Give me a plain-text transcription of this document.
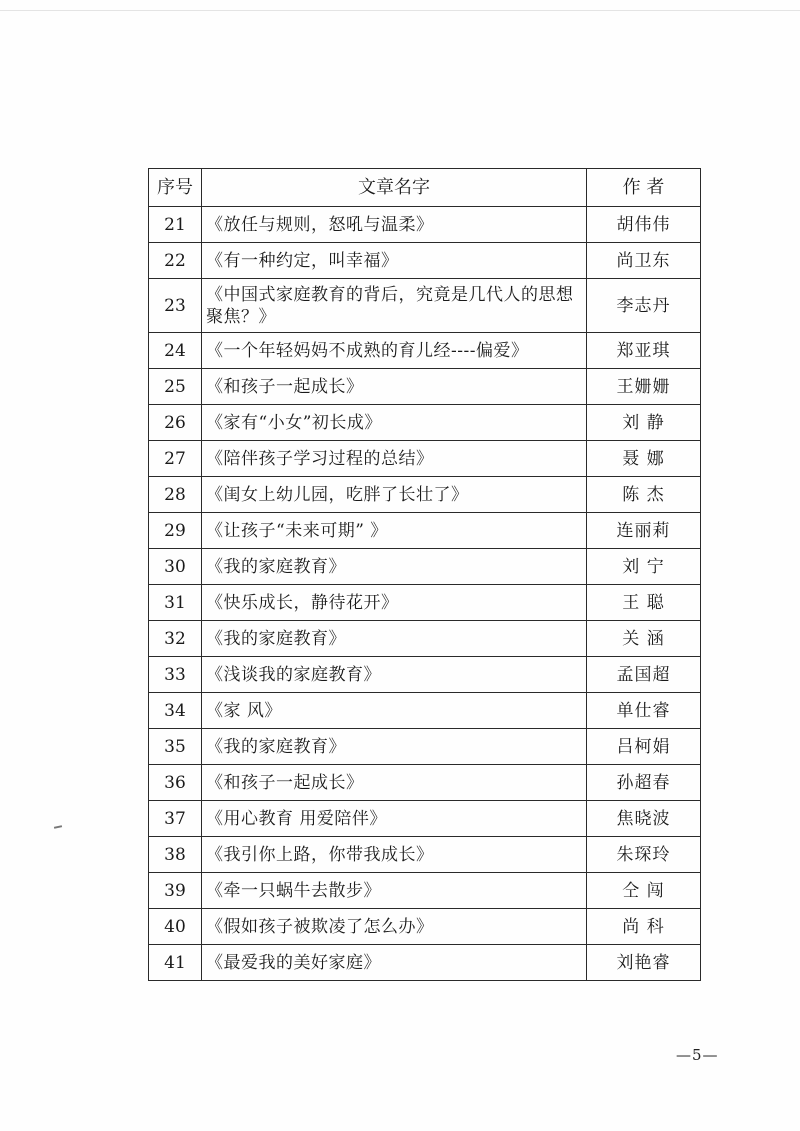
序号	文章名字	作 者
21	《放任与规则，怒吼与温柔》	胡伟伟
22	《有一种约定，叫幸福》	尚卫东
23	《中国式家庭教育的背后，究竟是几代人的思想聚焦？》	李志丹
24	《一个年轻妈妈不成熟的育儿经----偏爱》	郑亚琪
25	《和孩子一起成长》	王姗姗
26	《家有“小女”初长成》	刘 静
27	《陪伴孩子学习过程的总结》	聂 娜
28	《闺女上幼儿园，吃胖了长壮了》	陈 杰
29	《让孩子“未来可期” 》	连丽莉
30	《我的家庭教育》	刘 宁
31	《快乐成长，静待花开》	王 聪
32	《我的家庭教育》	关 涵
33	《浅谈我的家庭教育》	孟国超
34	《家 风》	单仕睿
35	《我的家庭教育》	吕柯娟
36	《和孩子一起成长》	孙超春
37	《用心教育 用爱陪伴》	焦晓波
38	《我引你上路，你带我成长》	朱琛玲
39	《牵一只蜗牛去散步》	仝 闯
40	《假如孩子被欺凌了怎么办》	尚 科
41	《最爱我的美好家庭》	刘艳睿
—5—
